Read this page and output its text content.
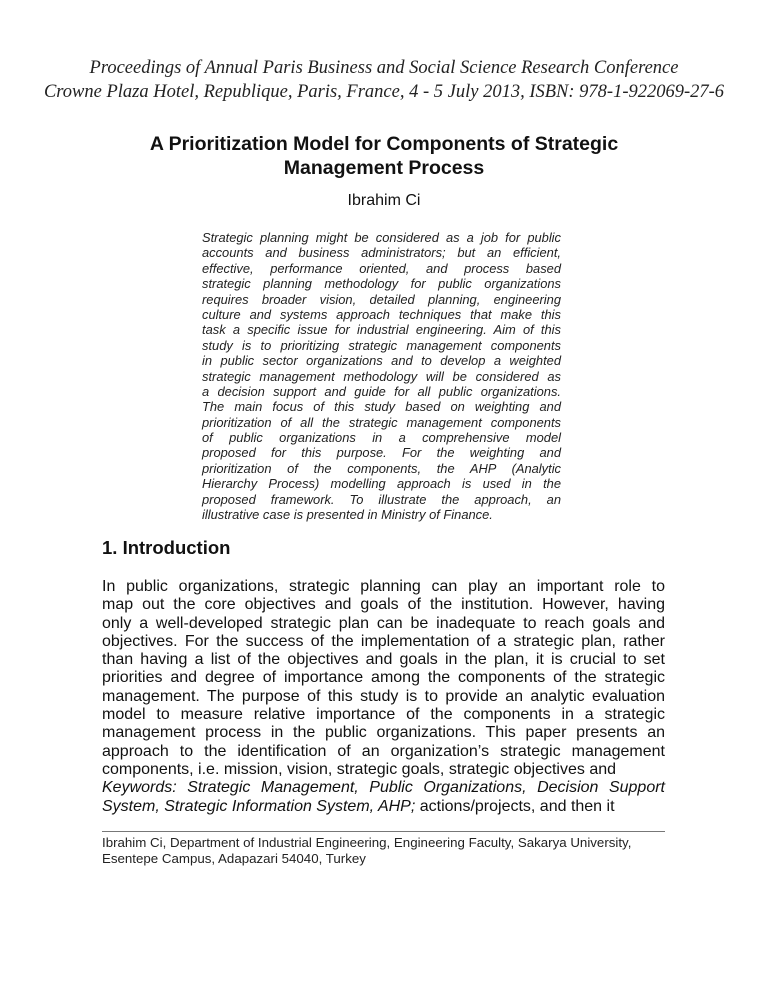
Proceedings of Annual Paris Business and Social Science Research Conference
Crowne Plaza Hotel, Republique, Paris, France, 4 - 5 July 2013, ISBN: 978-1-922069-27-6
A Prioritization Model for Components of Strategic
Management Process
Ibrahim Ci
Strategic planning might be considered as a job for public
accounts and business administrators; but an efficient,
effective, performance oriented, and process based
strategic planning methodology for public organizations
requires broader vision, detailed planning, engineering
culture and systems approach techniques that make this
task a specific issue for industrial engineering. Aim of this
study is to prioritizing strategic management components
in public sector organizations and to develop a weighted
strategic management methodology will be considered as
a decision support and guide for all public organizations.
The main focus of this study based on weighting and
prioritization of all the strategic management components
of public organizations in a comprehensive model
proposed for this purpose. For the weighting and
prioritization of the components, the AHP (Analytic
Hierarchy Process) modelling approach is used in the
proposed framework. To illustrate the approach, an
illustrative case is presented in Ministry of Finance.
1. Introduction
In public organizations, strategic planning can play an important role to
map out the core objectives and goals of the institution. However, having
only a well-developed strategic plan can be inadequate to reach goals and
objectives. For the success of the implementation of a strategic plan, rather
than having a list of the objectives and goals in the plan, it is crucial to set
priorities and degree of importance among the components of the strategic
management. The purpose of this study is to provide an analytic evaluation
model to measure relative importance of the components in a strategic
management process in the public organizations. This paper presents an
approach to the identification of an organization’s strategic management
components, i.e. mission, vision, strategic goals, strategic objectives and
Keywords: Strategic Management, Public Organizations, Decision Support
System, Strategic Information System, AHP; actions/projects, and then it
Ibrahim Ci, Department of Industrial Engineering, Engineering Faculty, Sakarya University,
Esentepe Campus, Adapazari 54040, Turkey
